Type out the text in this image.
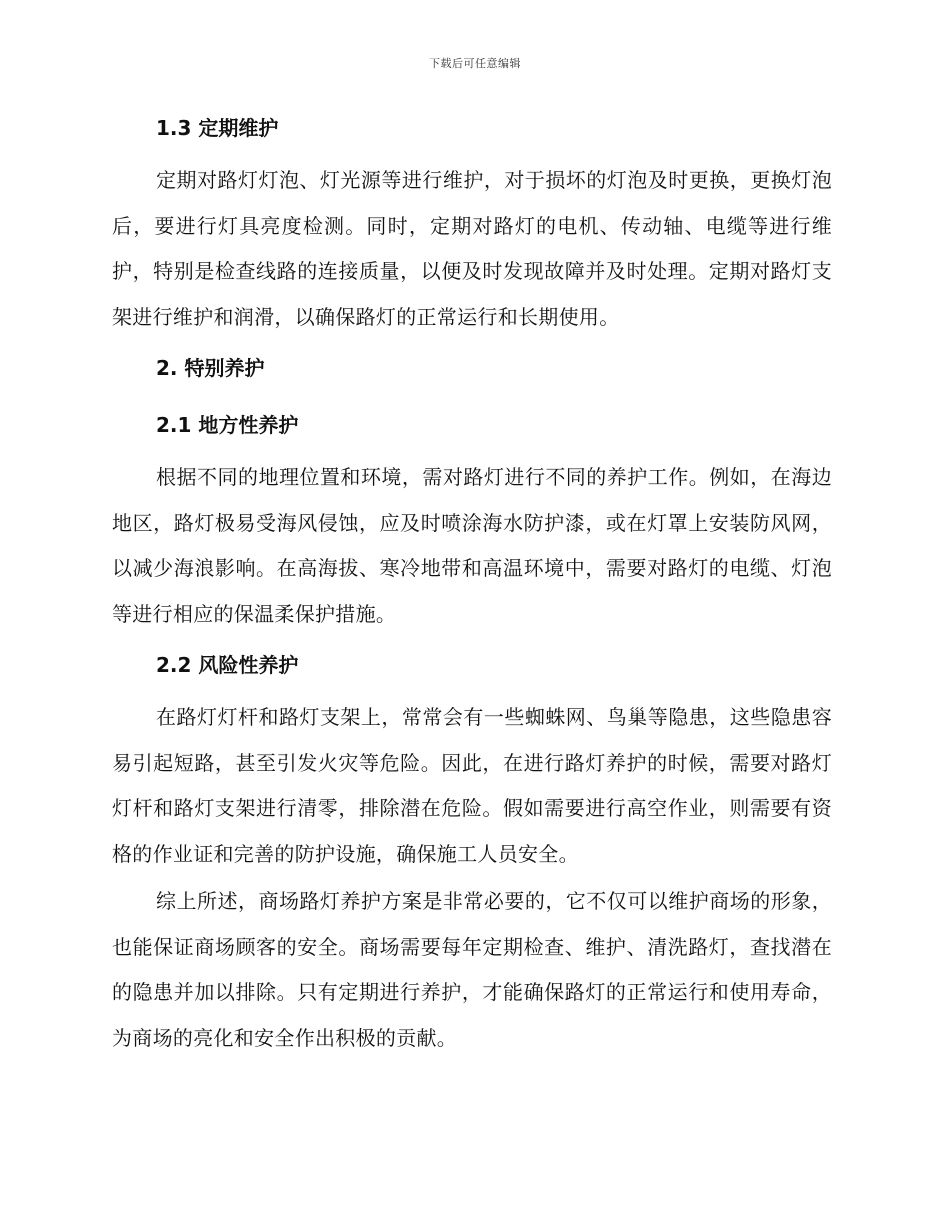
下载后可任意编辑
1.3 定期维护

定期对路灯灯泡、灯光源等进行维护，对于损坏的灯泡及时更换，更换灯泡后，要进行灯具亮度检测。同时，定期对路灯的电机、传动轴、电缆等进行维护，特别是检查线路的连接质量，以便及时发现故障并及时处理。定期对路灯支架进行维护和润滑，以确保路灯的正常运行和长期使用。

2. 特别养护
2.1 地方性养护

根据不同的地理位置和环境，需对路灯进行不同的养护工作。例如，在海边地区，路灯极易受海风侵蚀，应及时喷涂海水防护漆，或在灯罩上安装防风网，以减少海浪影响。在高海拔、寒冷地带和高温环境中，需要对路灯的电缆、灯泡等进行相应的保温柔保护措施。

2.2 风险性养护

在路灯灯杆和路灯支架上，常常会有一些蜘蛛网、鸟巢等隐患，这些隐患容易引起短路，甚至引发火灾等危险。因此，在进行路灯养护的时候，需要对路灯灯杆和路灯支架进行清零，排除潜在危险。假如需要进行高空作业，则需要有资格的作业证和完善的防护设施，确保施工人员安全。

综上所述，商场路灯养护方案是非常必要的，它不仅可以维护商场的形象，也能保证商场顾客的安全。商场需要每年定期检查、维护、清洗路灯，查找潜在的隐患并加以排除。只有定期进行养护，才能确保路灯的正常运行和使用寿命，为商场的亮化和安全作出积极的贡献。
